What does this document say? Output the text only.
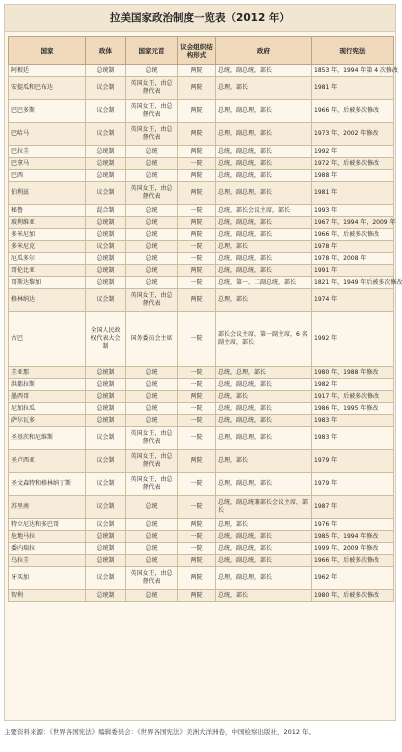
拉美国家政治制度一览表（2012 年）
国家	政体	国家元首	议会组织结构形式	政府	现行宪法
阿根廷	总统制	总统	两院	总统，副总统，部长	1853 年，1994 年第 4 次修改
安提瓜和巴布达	议会制	英国女王，由总督代表	两院	总理，部长	1981 年
巴巴多斯	议会制	英国女王，由总督代表	两院	总理，副总理，部长	1966 年，后被多次修改
巴哈马	议会制	英国女王，由总督代表	两院	总理，副总理，部长	1973 年，2002 年修改
巴拉圭	总统制	总统	两院	总统，副总统，部长	1992 年
巴拿马	总统制	总统	一院	总统，副总统，部长	1972 年，后被多次修改
巴西	总统制	总统	两院	总统，副总统，部长	1988 年
伯利兹	议会制	英国女王，由总督代表	两院	总理，副总理，部长	1981 年
秘鲁	混合制	总统	一院	总统，部长会议主席，部长	1993 年
玻利维亚	总统制	总统	两院	总统，副总统，部长	1967 年，1994 年，2009 年
多米尼加	总统制	总统	两院	总统，副总统，部长	1966 年，后被多次修改
多米尼克	议会制	总统	一院	总理，部长	1978 年
厄瓜多尔	总统制	总统	一院	总统，副总统，部长	1978 年，2008 年
哥伦比亚	总统制	总统	两院	总统，副总统，部长	1991 年
哥斯达黎加	总统制	总统	一院	总统，第一、二副总统，部长	1821 年，1949 年后被多次修改
格林纳达	议会制	英国女王，由总督代表	两院	总理，部长	1974 年
古巴	全国人民政权代表大会制	国务委员会主席	一院	部长会议主席，第一副主席，6 名副主席，部长	1992 年
圭亚那	总统制	总统	一院	总统，总理，部长	1980 年，1988 年修改
洪都拉斯	总统制	总统	一院	总统，副总统，部长	1982 年
墨西哥	总统制	总统	两院	总统，部长	1917 年，后被多次修改
尼加拉瓜	总统制	总统	一院	总统，副总统，部长	1986 年，1995 年修改
萨尔瓦多	总统制	总统	一院	总统，副总统，部长	1983 年
圣基茨和尼维斯	议会制	英国女王，由总督代表	一院	总理，副总理，部长	1983 年
圣卢西亚	议会制	英国女王，由总督代表	两院	总理，部长	1979 年
圣文森特和格林纳丁斯	议会制	英国女王，由总督代表	一院	总理，副总理，部长	1979 年
苏里南	议会制	总统	一院	总统，副总统兼部长会议主席，部长	1987 年
特立尼达和多巴哥	议会制	总统	两院	总理，部长	1976 年
危地马拉	总统制	总统	一院	总统，副总统，部长	1985 年，1994 年修改
委内瑞拉	总统制	总统	一院	总统，副总统，部长	1999 年，2009 年修改
乌拉圭	总统制	总统	两院	总统，副总统，部长	1966 年，后被多次修改
牙买加	议会制	英国女王，由总督代表	两院	总理，副总理，部长	1962 年
智利	总统制	总统	两院	总统，部长	1980 年，后被多次修改
主要资料来源：《世界各国宪法》编辑委员会：《世界各国宪法》美洲大洋洲卷，中国检察出版社，2012 年。
